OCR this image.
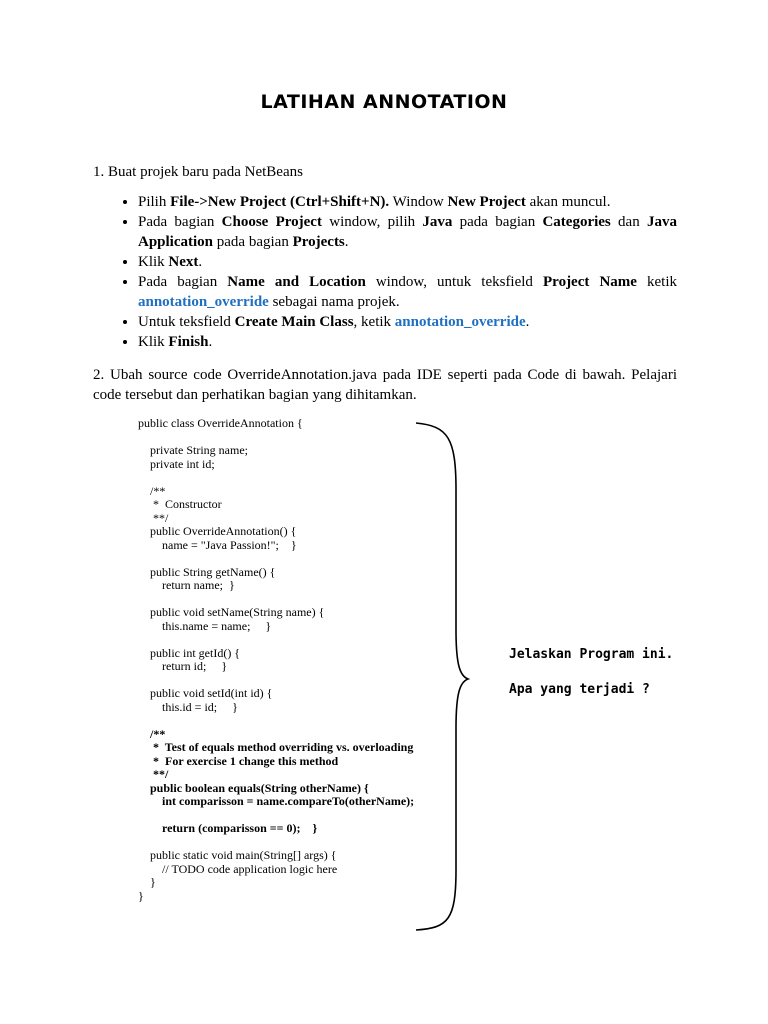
LATIHAN ANNOTATION

1. Buat projek baru pada NetBeans

• Pilih File->New Project (Ctrl+Shift+N). Window New Project akan muncul.
• Pada bagian Choose Project window, pilih Java pada bagian Categories dan Java Application pada bagian Projects.
• Klik Next.
• Pada bagian Name and Location window, untuk teksfield Project Name ketik annotation_override sebagai nama projek.
• Untuk teksfield Create Main Class, ketik annotation_override.
• Klik Finish.

2. Ubah source code OverrideAnnotation.java pada IDE seperti pada Code di bawah. Pelajari code tersebut dan perhatikan bagian yang dihitamkan.

public class OverrideAnnotation {
private String name;
private int id;
/**
*  Constructor
**/
public OverrideAnnotation() {
name = "Java Passion!";    }
public String getName() {
return name;  }
public void setName(String name) {
this.name = name;     }
public int getId() {
return id;     }
public void setId(int id) {
this.id = id;     }
/**
*  Test of equals method overriding vs. overloading
*  For exercise 1 change this method
**/
public boolean equals(String otherName) {
int comparisson = name.compareTo(otherName);
return (comparisson == 0);    }
public static void main(String[] args) {
// TODO code application logic here
}
}

Jelaskan Program ini.

Apa yang terjadi ?
